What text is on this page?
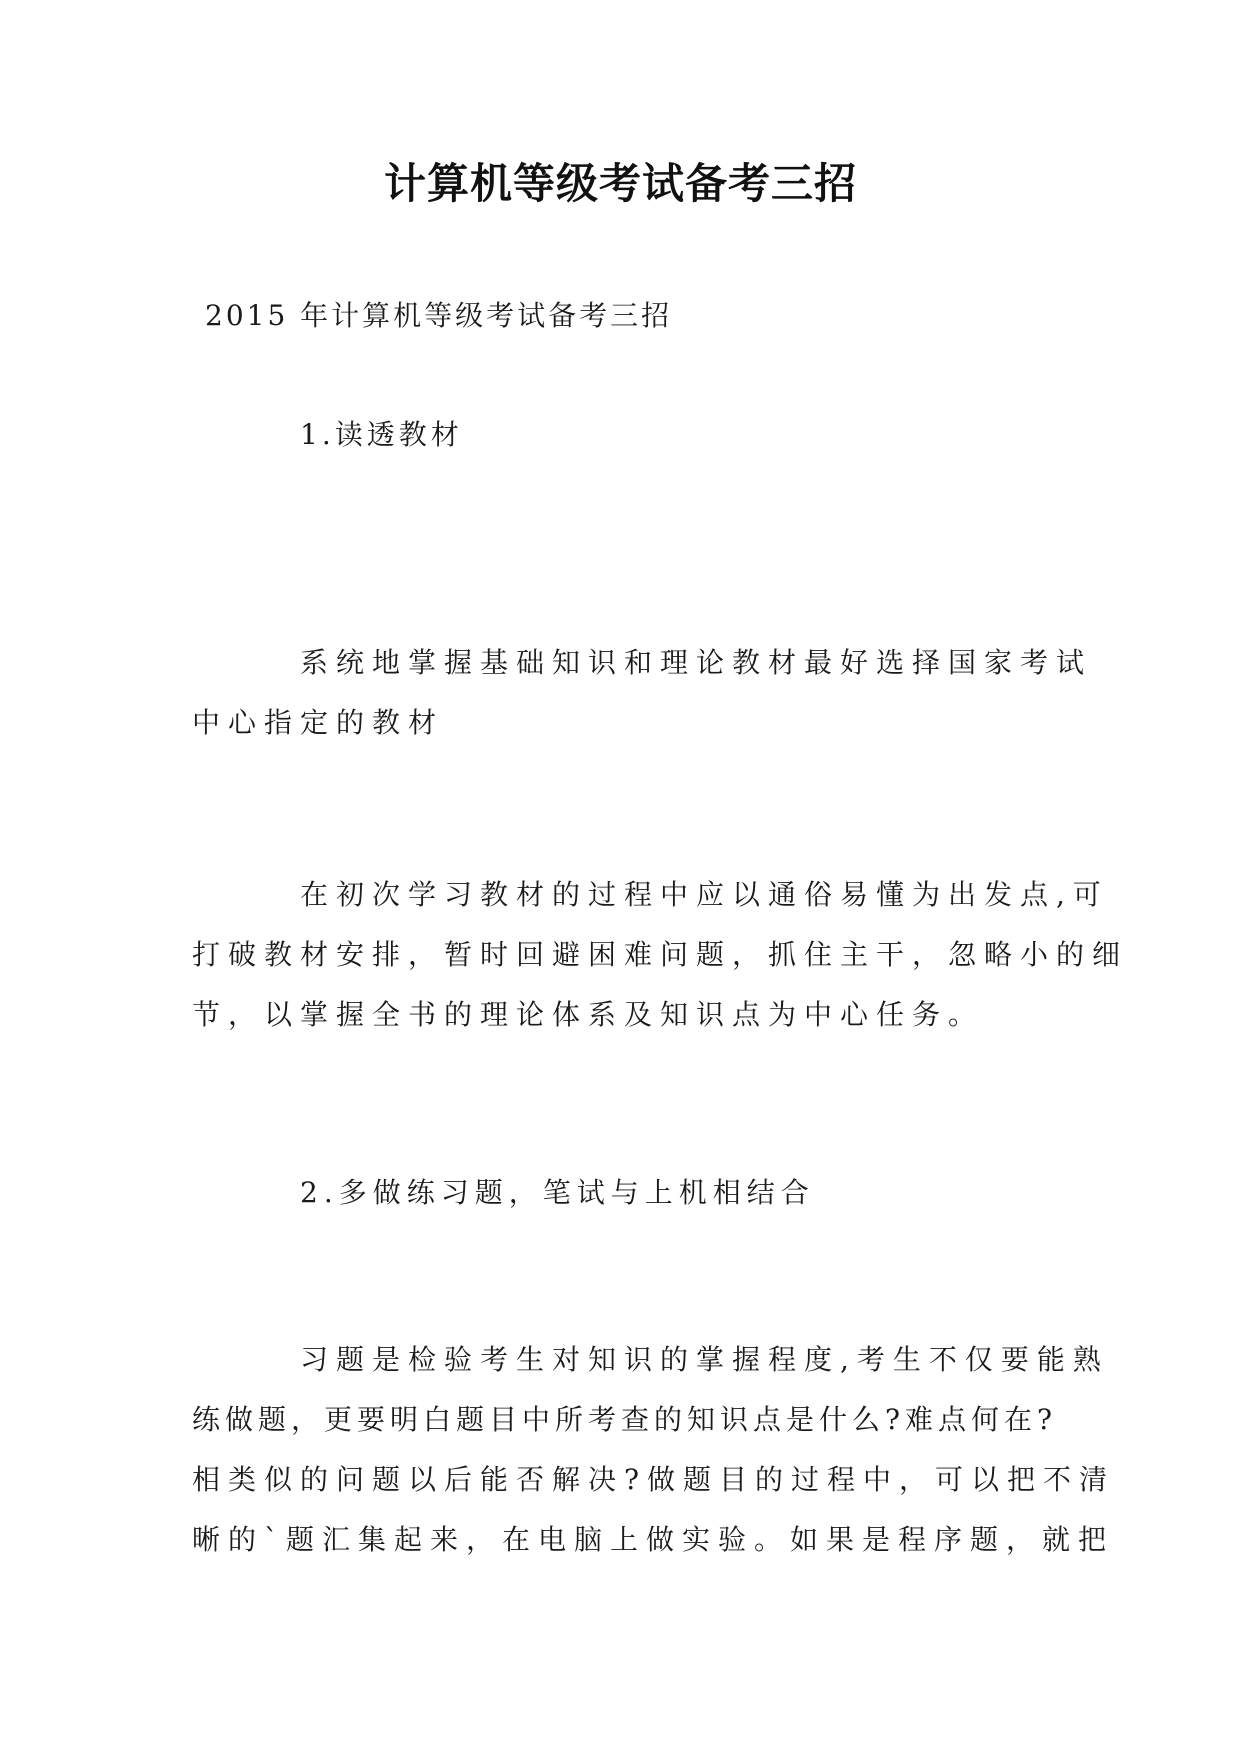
计算机等级考试备考三招
2015 年计算机等级考试备考三招
1.读透教材
系统地掌握基础知识和理论教材最好选择国家考试
中心指定的教材
在初次学习教材的过程中应以通俗易懂为出发点,可
打破教材安排，暂时回避困难问题，抓住主干，忽略小的细
节，以掌握全书的理论体系及知识点为中心任务。
2.多做练习题，笔试与上机相结合
习题是检验考生对知识的掌握程度,考生不仅要能熟
练做题，更要明白题目中所考查的知识点是什么?难点何在?
相类似的问题以后能否解决?做题目的过程中，可以把不清
晰的`题汇集起来，在电脑上做实验。如果是程序题，就把
